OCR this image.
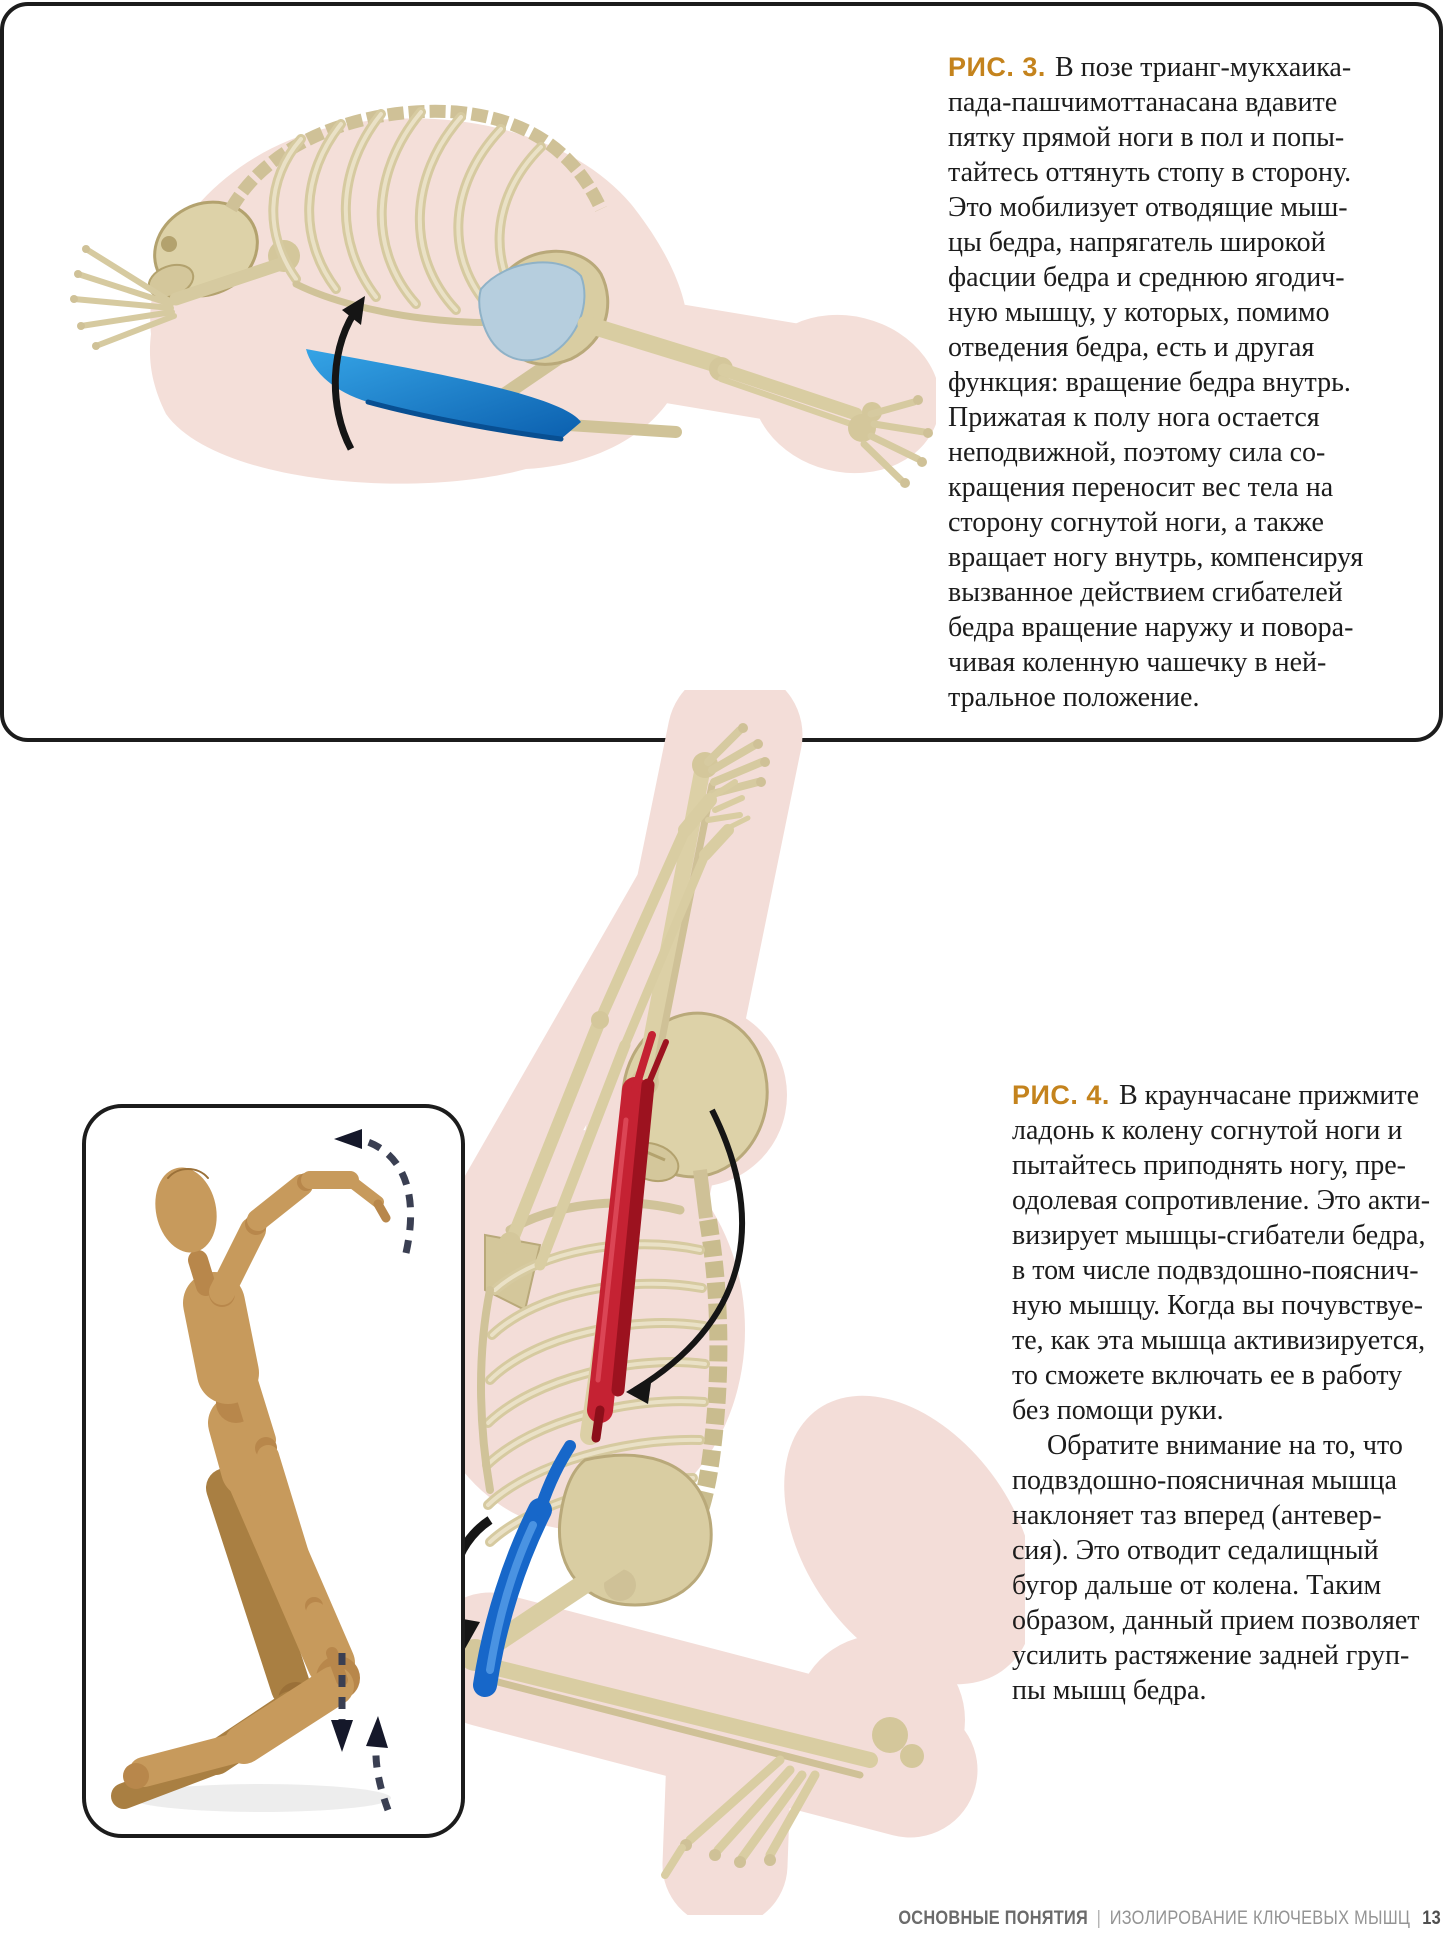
РИС. 3. В позе трианг-мукхаика-
пада-пашчимоттанасана вдавите
пятку прямой ноги в пол и попы-
тайтесь оттянуть стопу в сторону.
Это мобилизует отводящие мыш-
цы бедра, напрягатель широкой
фасции бедра и среднюю ягодич-
ную мышцу, у которых, помимо
отведения бедра, есть и другая
функция: вращение бедра внутрь.
Прижатая к полу нога остается
неподвижной, поэтому сила со-
кращения переносит вес тела на
сторону согнутой ноги, а также
вращает ногу внутрь, компенсируя
вызванное действием сгибателей
бедра вращение наружу и повора-
чивая коленную чашечку в ней-
тральное положение.
РИС. 4. В краунчасане прижмите
ладонь к колену согнутой ноги и
пытайтесь приподнять ногу, пре-
одолевая сопротивление. Это акти-
визирует мышцы-сгибатели бедра,
в том числе подвздошно-пояснич-
ную мышцу. Когда вы почувствуе-
те, как эта мышца активизируется,
то сможете включать ее в работу
без помощи руки.
Обратите внимание на то, что
подвздошно-поясничная мышца
наклоняет таз вперед (антевер-
сия). Это отводит седалищный
бугор дальше от колена. Таким
образом, данный прием позволяет
усилить растяжение задней груп-
пы мышц бедра.
ОСНОВНЫЕ ПОНЯТИЯ | ИЗОЛИРОВАНИЕ КЛЮЧЕВЫХ МЫШЦ 13
